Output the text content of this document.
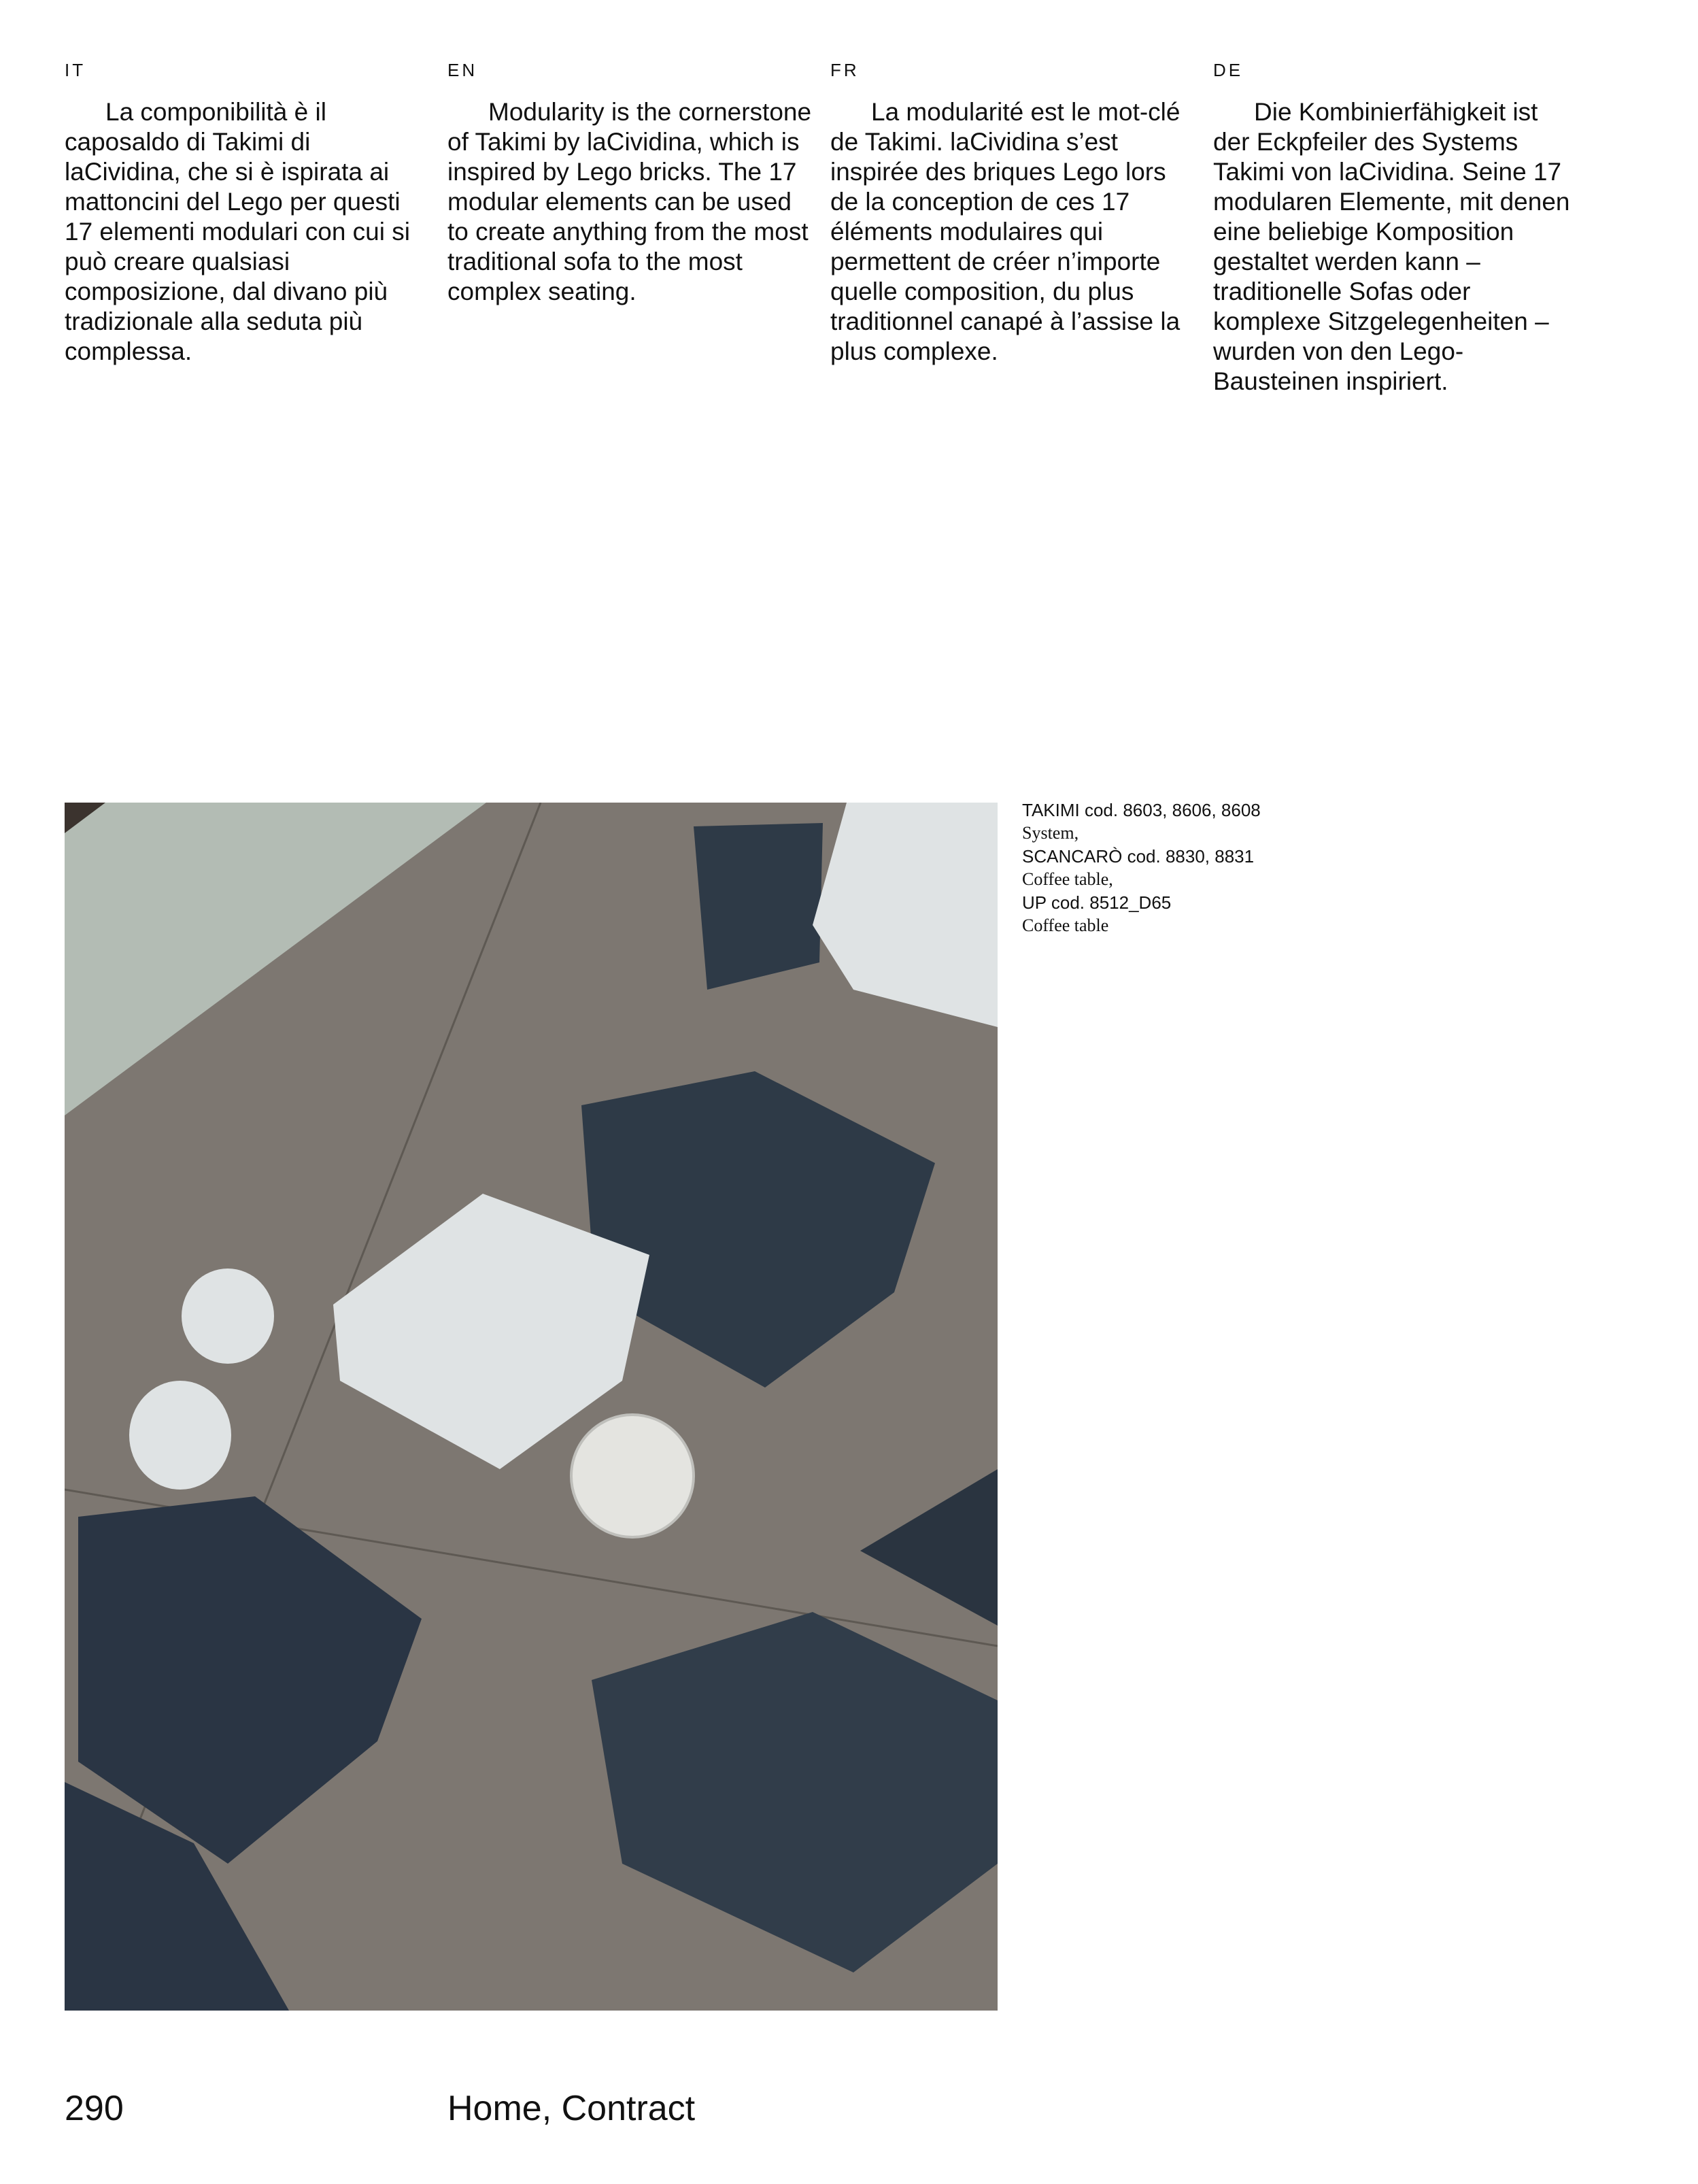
IT

La componibilità è il caposaldo di Takimi di laCividina, che si è ispirata ai mattoncini del Lego per questi 17 elementi modulari con cui si può creare qualsiasi composizione, dal divano più tradizionale alla seduta più complessa.

EN

Modularity is the cornerstone of Takimi by laCividina, which is inspired by Lego bricks. The 17 modular elements can be used to create anything from the most traditional sofa to the most complex seating.

FR

La modularité est le mot-clé de Takimi. laCividina s’est inspirée des briques Lego lors de la conception de ces 17 éléments modulaires qui permettent de créer n’importe quelle composition, du plus traditionnel canapé à l’assise la plus complexe.

DE

Die Kombinierfähigkeit ist der Eckpfeiler des Systems Takimi von laCividina. Seine 17 modularen Elemente, mit denen eine beliebige Komposition gestaltet werden kann – traditionelle Sofas oder komplexe Sitzgelegenheiten – wurden von den Lego-Bausteinen inspiriert.

TAKIMI cod. 8603, 8606, 8608
System,
SCANCARÒ cod. 8830, 8831
Coffee table,
UP cod. 8512_D65
Coffee table
290	Home, Contract
